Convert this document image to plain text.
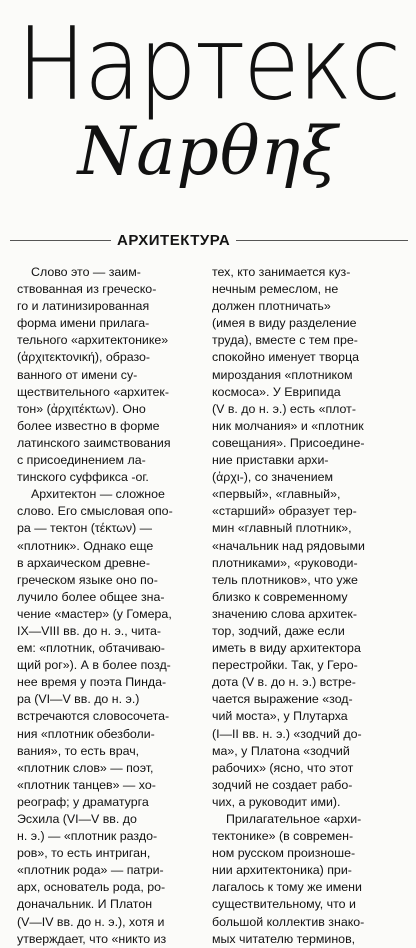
Нартекс
Napθηξ
АРХИТЕКТУРА
Слово это — заим-
ствованная из греческо-
го и латинизированная
форма имени прилага-
тельного «архитектонике»
(ἀρχιτεκτονική), образо-
ванного от имени су-
ществительного «архитек-
тон» (ἀρχιτέκτων). Оно
более известно в форме
латинского заимствования
с присоединением ла-
тинского суффикса -ог.
Архитектон — сложное
слово. Его смысловая опо-
ра — тектон (τέκτων) —
«плотник». Однако еще
в архаическом древне-
греческом языке оно по-
лучило более общее зна-
чение «мастер» (у Гомера,
IX—VIII вв. до н. э., чита-
ем: «плотник, обтачиваю-
щий рог»). А в более позд-
нее время у поэта Пинда-
ра (VI—V вв. до н. э.)
встречаются словосочета-
ния «плотник обезболи-
вания», то есть врач,
«плотник слов» — поэт,
«плотник танцев» — хо-
реограф; у драматурга
Эсхила (VI—V вв. до
н. э.) — «плотник раздо-
ров», то есть интриган,
«плотник рода» — патри-
арх, основатель рода, ро-
доначальник. И Платон
(V—IV вв. до н. э.), хотя и
утверждает, что «никто из
тех, кто занимается куз-
нечным ремеслом, не
должен плотничать»
(имея в виду разделение
труда), вместе с тем пре-
спокойно именует творца
мироздания «плотником
космоса». У Еврипида
(V в. до н. э.) есть «плот-
ник молчания» и «плотник
совещания». Присоедине-
ние приставки архи-
(ἀρχι-), со значением
«первый», «главный»,
«старший» образует тер-
мин «главный плотник»,
«начальник над рядовыми
плотниками», «руководи-
тель плотников», что уже
близко к современному
значению слова архитек-
тор, зодчий, даже если
иметь в виду архитектора
перестройки. Так, у Геро-
дота (V в. до н. э.) встре-
чается выражение «зод-
чий моста», у Плутарха
(I—II вв. н. э.) «зодчий до-
ма», у Платона «зодчий
рабочих» (ясно, что этот
зодчий не создает рабо-
чих, а руководит ими).
Прилагательное «архи-
тектонике» (в современ-
ном русском произноше-
нии архитектоника) при-
лагалось к тому же имени
существительному, что и
большой коллектив знако-
мых читателю терминов,
